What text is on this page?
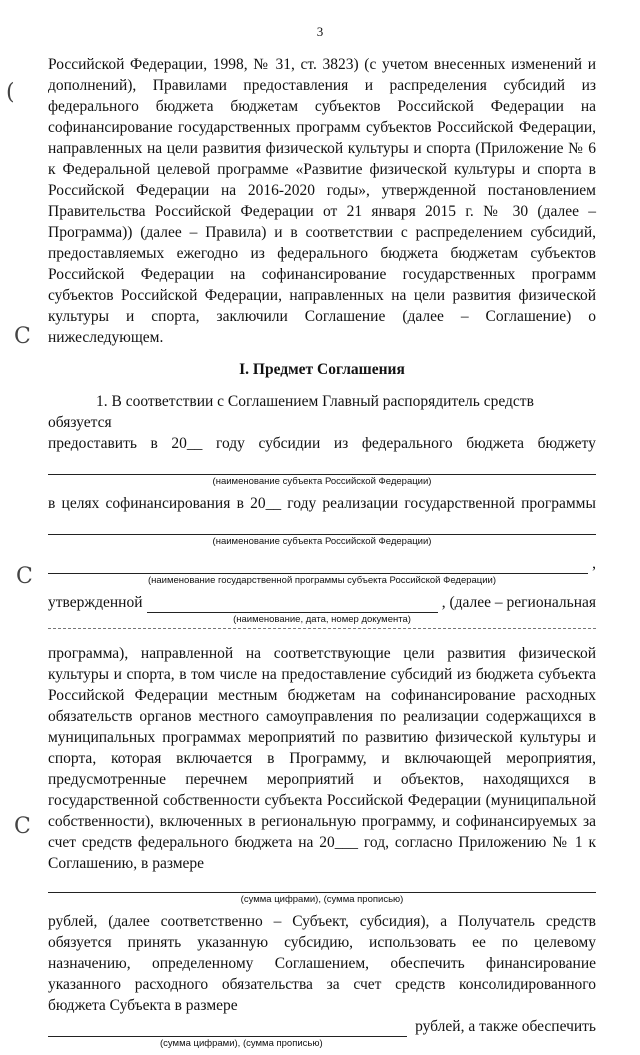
3
(
C
C
C

Российской Федерации, 1998, № 31, ст. 3823) (с учетом внесенных изменений и дополнений), Правилами предоставления и распределения субсидий из федерального бюджета бюджетам субъектов Российской Федерации на софинансирование государственных программ субъектов Российской Федерации, направленных на цели развития физической культуры и спорта (Приложение № 6 к Федеральной целевой программе «Развитие физической культуры и спорта в Российской Федерации на 2016-2020 годы», утвержденной постановлением Правительства Российской Федерации от 21 января 2015 г. № 30 (далее – Программа)) (далее – Правила) и в соответствии с распределением субсидий, предоставляемых ежегодно из федерального бюджета бюджетам субъектов Российской Федерации на софинансирование государственных программ субъектов Российской Федерации, направленных на цели развития физической культуры и спорта, заключили Соглашение (далее – Соглашение) о нижеследующем.

I. Предмет Соглашения

1. В соответствии с Соглашением Главный распорядитель средств обязуется

предоставить в 20__ году субсидии из федерального бюджета бюджету
(наименование субъекта Российской Федерации)
в целях софинансирования в 20__ году реализации государственной программы
(наименование субъекта Российской Федерации)
,
(наименование государственной программы субъекта Российской Федерации)
утвержденной	, (далее – региональная
(наименование, дата, номер документа)

программа), направленной на соответствующие цели развития физической культуры и спорта, в том числе на предоставление субсидий из бюджета субъекта Российской Федерации местным бюджетам на софинансирование расходных обязательств органов местного самоуправления по реализации содержащихся в муниципальных программах мероприятий по развитию физической культуры и спорта, которая включается в Программу, и включающей мероприятия, предусмотренные перечнем мероприятий и объектов, находящихся в государственной собственности субъекта Российской Федерации (муниципальной собственности), включенных в региональную программу, и софинансируемых за счет средств федерального бюджета на 20___ год, согласно Приложению № 1 к Соглашению, в размере

(сумма цифрами), (сумма прописью)

рублей, (далее соответственно – Субъект, субсидия), а Получатель средств обязуется принять указанную субсидию, использовать ее по целевому назначению, определенному Соглашением, обеспечить финансирование указанного расходного обязательства за счет средств консолидированного бюджета Субъекта в размере

рублей, а также обеспечить
(сумма цифрами), (сумма прописью)
